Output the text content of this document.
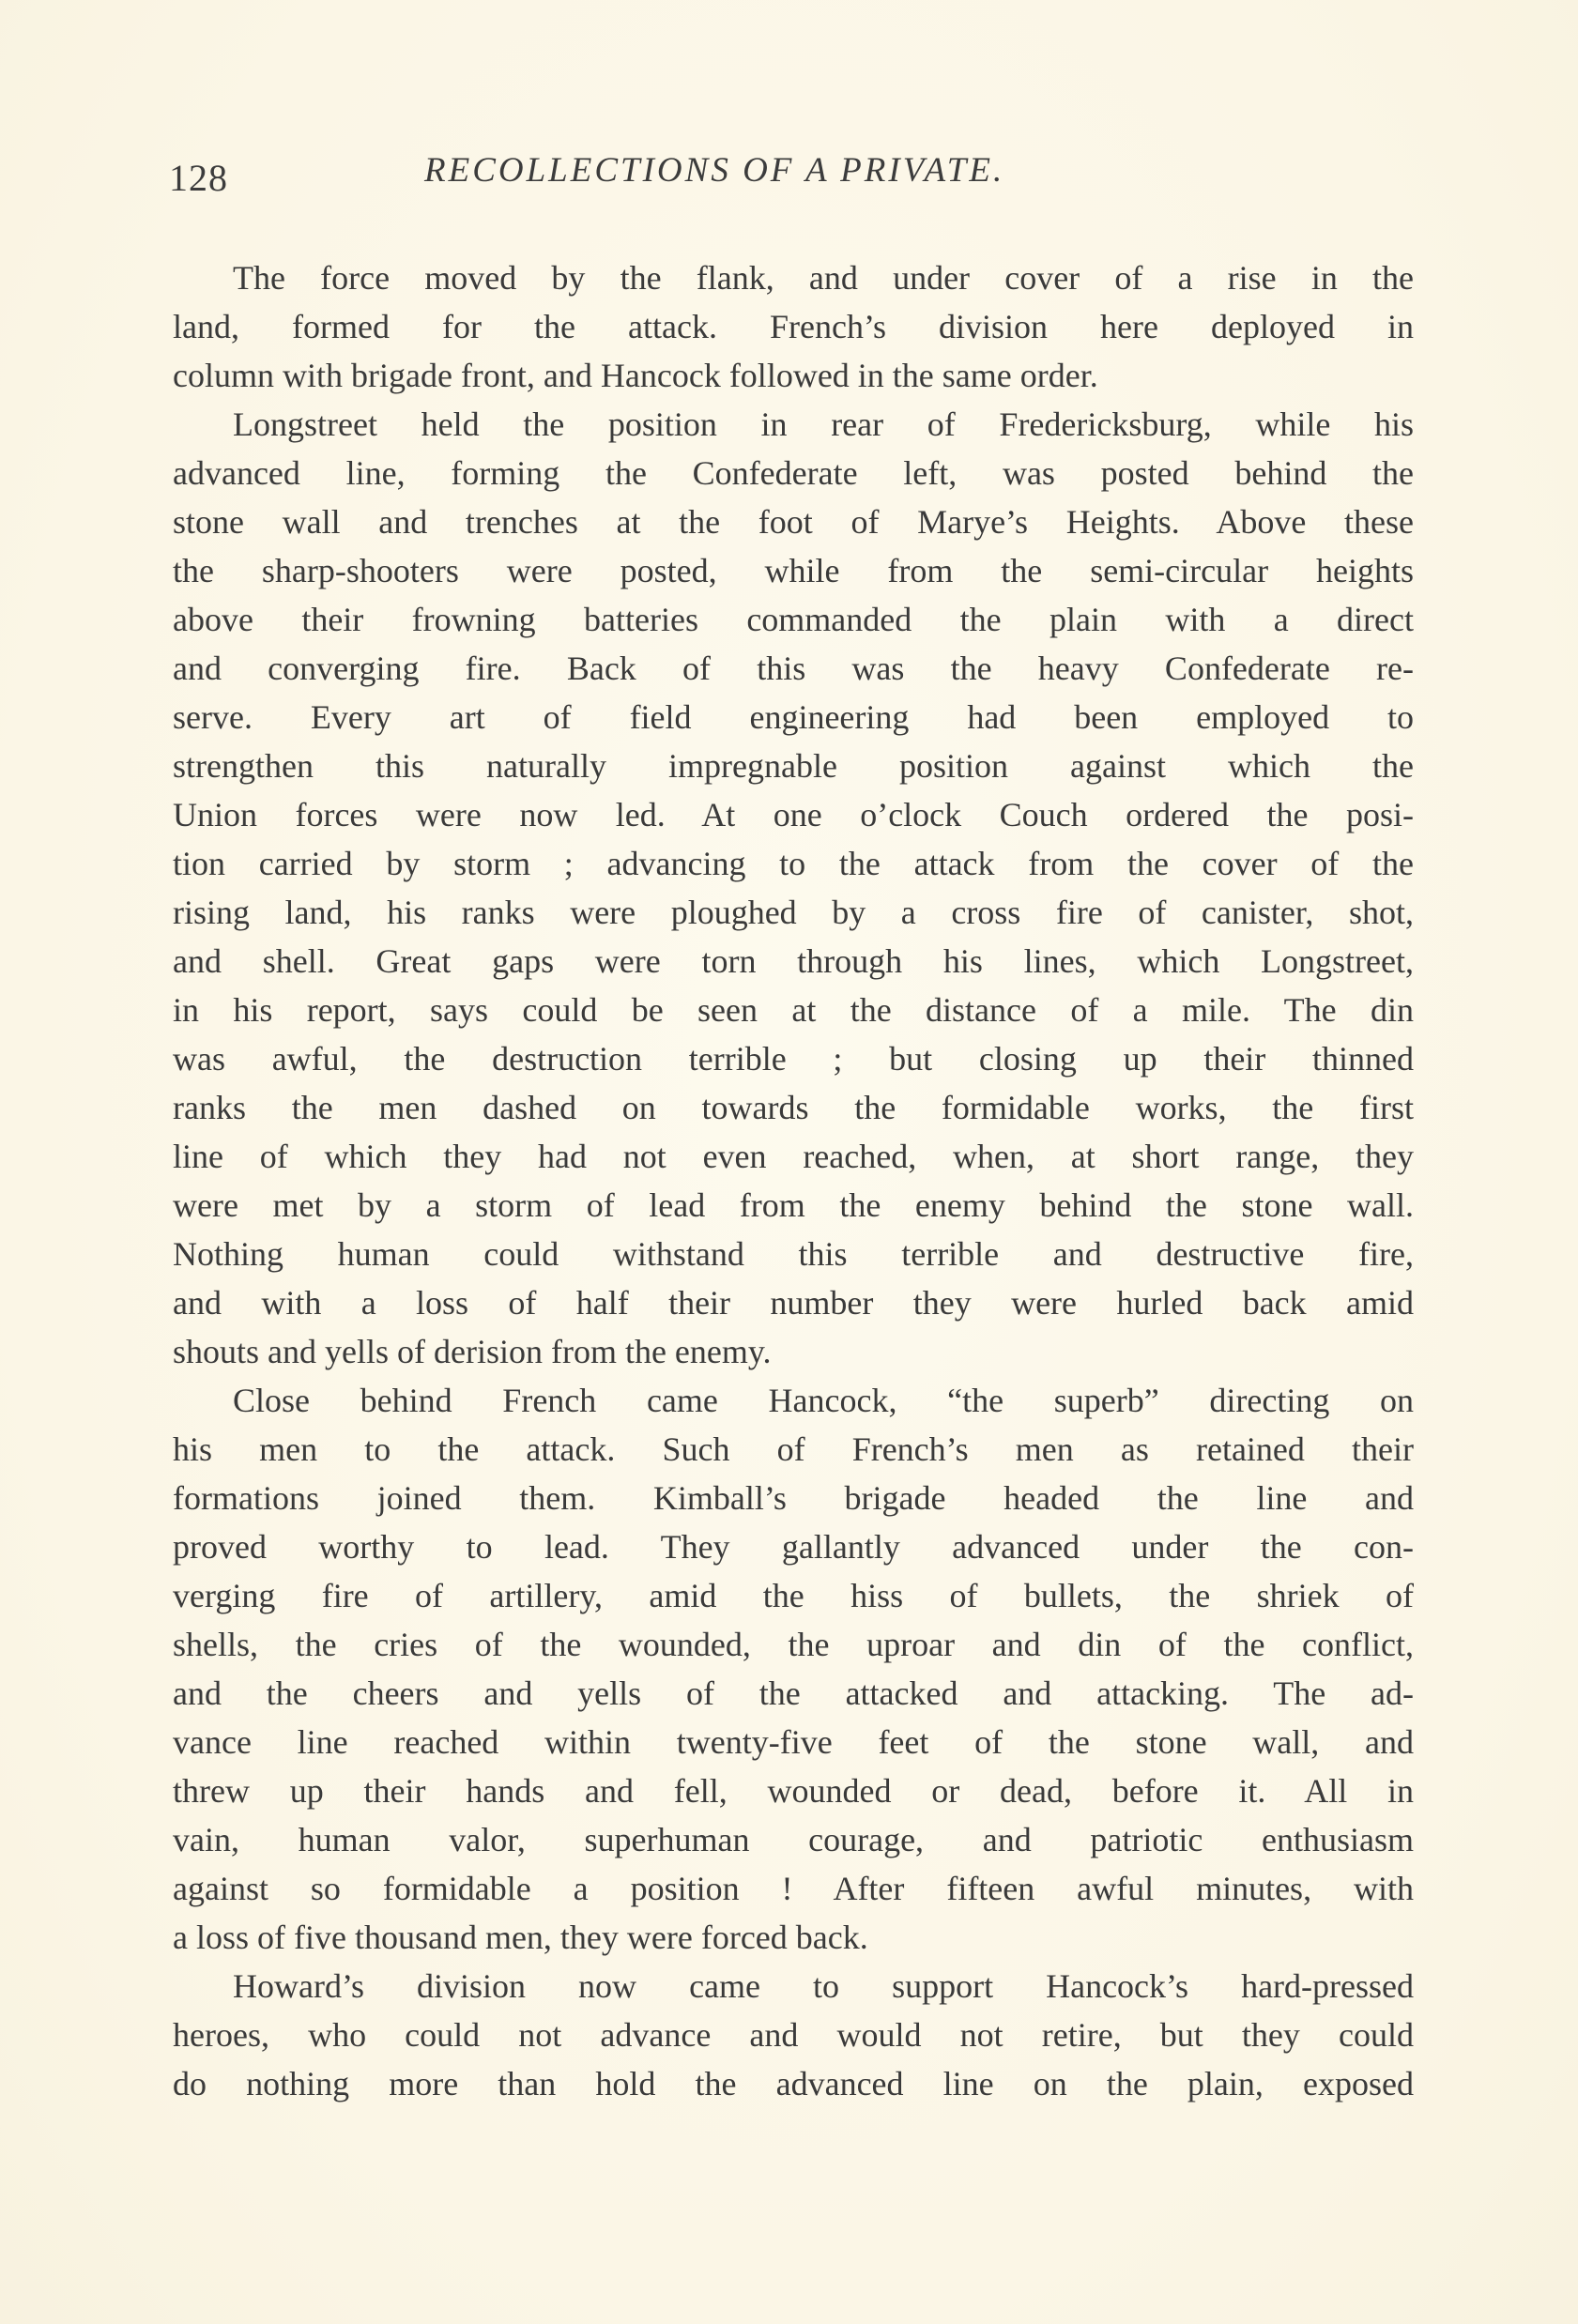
128	RECOLLECTIONS OF A PRIVATE.
The force moved by the flank, and under cover of a rise in the
land, formed for the attack. French’s division here deployed in
column with brigade front, and Hancock followed in the same order.
Longstreet held the position in rear of Fredericksburg, while his
advanced line, forming the Confederate left, was posted behind the
stone wall and trenches at the foot of Marye’s Heights. Above these
the sharp-shooters were posted, while from the semi-circular heights
above their frowning batteries commanded the plain with a direct
and converging fire. Back of this was the heavy Confederate re-
serve. Every art of field engineering had been employed to
strengthen this naturally impregnable position against which the
Union forces were now led. At one o’clock Couch ordered the posi-
tion carried by storm ; advancing to the attack from the cover of the
rising land, his ranks were ploughed by a cross fire of canister, shot,
and shell. Great gaps were torn through his lines, which Longstreet,
in his report, says could be seen at the distance of a mile. The din
was awful, the destruction terrible ; but closing up their thinned
ranks the men dashed on towards the formidable works, the first
line of which they had not even reached, when, at short range, they
were met by a storm of lead from the enemy behind the stone wall.
Nothing human could withstand this terrible and destructive fire,
and with a loss of half their number they were hurled back amid
shouts and yells of derision from the enemy.
Close behind French came Hancock, “the superb” directing on
his men to the attack. Such of French’s men as retained their
formations joined them. Kimball’s brigade headed the line and
proved worthy to lead. They gallantly advanced under the con-
verging fire of artillery, amid the hiss of bullets, the shriek of
shells, the cries of the wounded, the uproar and din of the conflict,
and the cheers and yells of the attacked and attacking. The ad-
vance line reached within twenty-five feet of the stone wall, and
threw up their hands and fell, wounded or dead, before it. All in
vain, human valor, superhuman courage, and patriotic enthusiasm
against so formidable a position ! After fifteen awful minutes, with
a loss of five thousand men, they were forced back.
Howard’s division now came to support Hancock’s hard-pressed
heroes, who could not advance and would not retire, but they could
do nothing more than hold the advanced line on the plain, exposed
